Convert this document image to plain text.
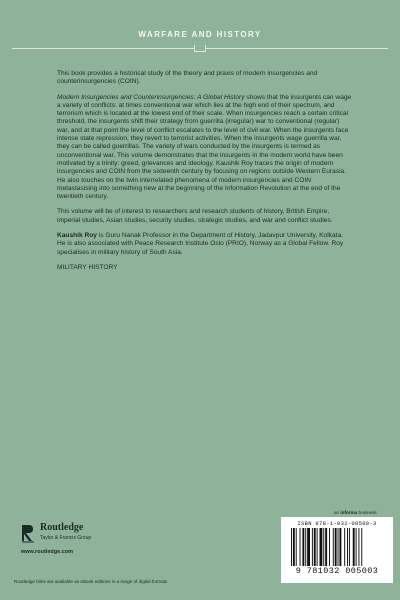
WARFARE AND HISTORY

This book provides a historical study of the theory and praxis of modern insurgencies and counterinsurgencies (COIN).

Modern Insurgencies and Counterinsurgencies: A Global History shows that the insurgents can wage a variety of conflicts: at times conventional war which lies at the high end of their spectrum, and terrorism which is located at the lowest end of their scale. When insurgencies reach a certain critical threshold, the insurgents shift their strategy from guerrilla (irregular) war to conventional (regular) war, and at that point the level of conflict escalates to the level of civil war. When the insurgents face intense state repression, they revert to terrorist activities. When the insurgents wage guerrilla war, they can be called guerrillas. The variety of wars conducted by the insurgents is termed as unconventional war. This volume demonstrates that the insurgents in the modern world have been motivated by a trinity: greed, grievances and ideology. Kaushik Roy traces the origin of modern insurgencies and COIN from the sixteenth century by focusing on regions outside Western Eurasia. He also touches on the twin interrelated phenomena of modern insurgencies and COIN metastasising into something new at the beginning of the Information Revolution at the end of the twentieth century.

This volume will be of interest to researchers and research students of history, British Empire, imperial studies, Asian studies, security studies, strategic studies, and war and conflict studies.

Kaushik Roy is Guru Nanak Professor in the Department of History, Jadavpur University, Kolkata. He is also associated with Peace Research Institute Oslo (PRIO), Norway as a Global Fellow. Roy specialises in military history of South Asia.

MILITARY HISTORY

Routledge
Taylor & Francis Group
www.routledge.com
Routledge titles are available as eBook editions in a range of digital formats
an informa business
ISBN 978-1-032-00500-3
9 781032 005003
